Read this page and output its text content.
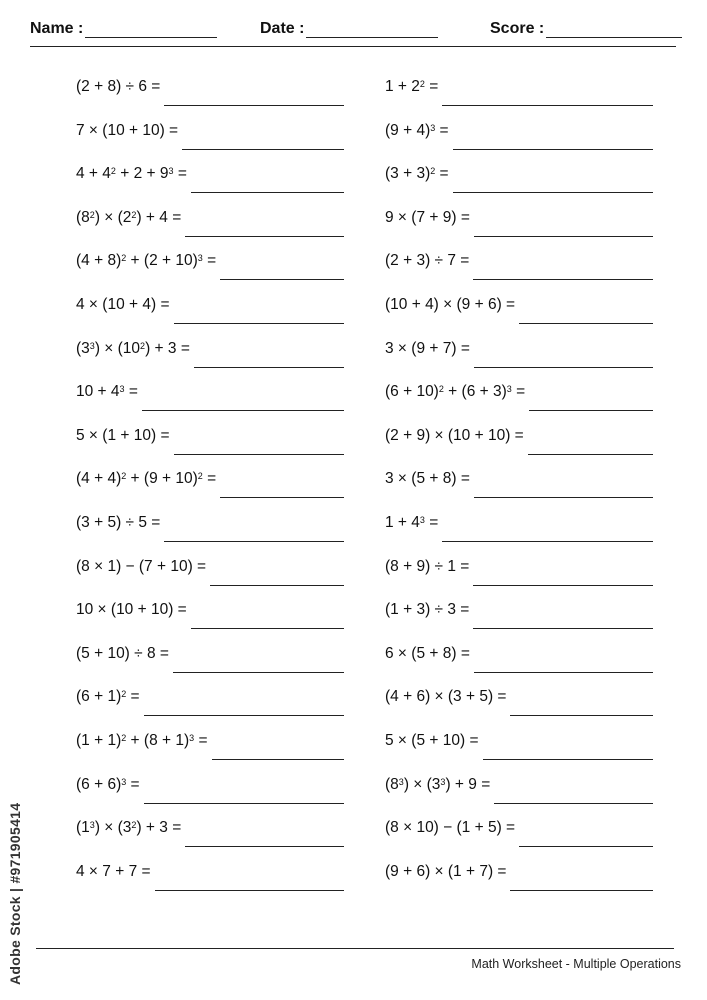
Name :	Date :	Score :
(2 + 8) ÷ 6 =
7 × (10 + 10) =
$4 + 4^2 + 2 + 9^3$ =
$(8^2) \times (2^2) + 4$ =
$(4 + 8)^2 + (2 + 10)^3$ =
4 × (10 + 4) =
$(3^3) \times (10^2) + 3$ =
$10 + 4^3$ =
5 × (1 + 10) =
$(4 + 4)^2 + (9 + 10)^2$ =
(3 + 5) ÷ 5 =
(8 × 1) − (7 + 10) =
10 × (10 + 10) =
(5 + 10) ÷ 8 =
$(6 + 1)^2$ =
$(1 + 1)^2 + (8 + 1)^3$ =
$(6 + 6)^3$ =
$(1^3) \times (3^2) + 3$ =
4 × 7 + 7 =
$1 + 2^2$ =
$(9 + 4)^3$ =
$(3 + 3)^2$ =
9 × (7 + 9) =
(2 + 3) ÷ 7 =
(10 + 4) × (9 + 6) =
3 × (9 + 7) =
$(6 + 10)^2 + (6 + 3)^3$ =
(2 + 9) × (10 + 10) =
3 × (5 + 8) =
$1 + 4^3$ =
(8 + 9) ÷ 1 =
(1 + 3) ÷ 3 =
6 × (5 + 8) =
(4 + 6) × (3 + 5) =
5 × (5 + 10) =
$(8^3) \times (3^3) + 9$ =
(8 × 10) − (1 + 5) =
(9 + 6) × (1 + 7) =
Math Worksheet - Multiple Operations
Adobe Stock | #971905414
